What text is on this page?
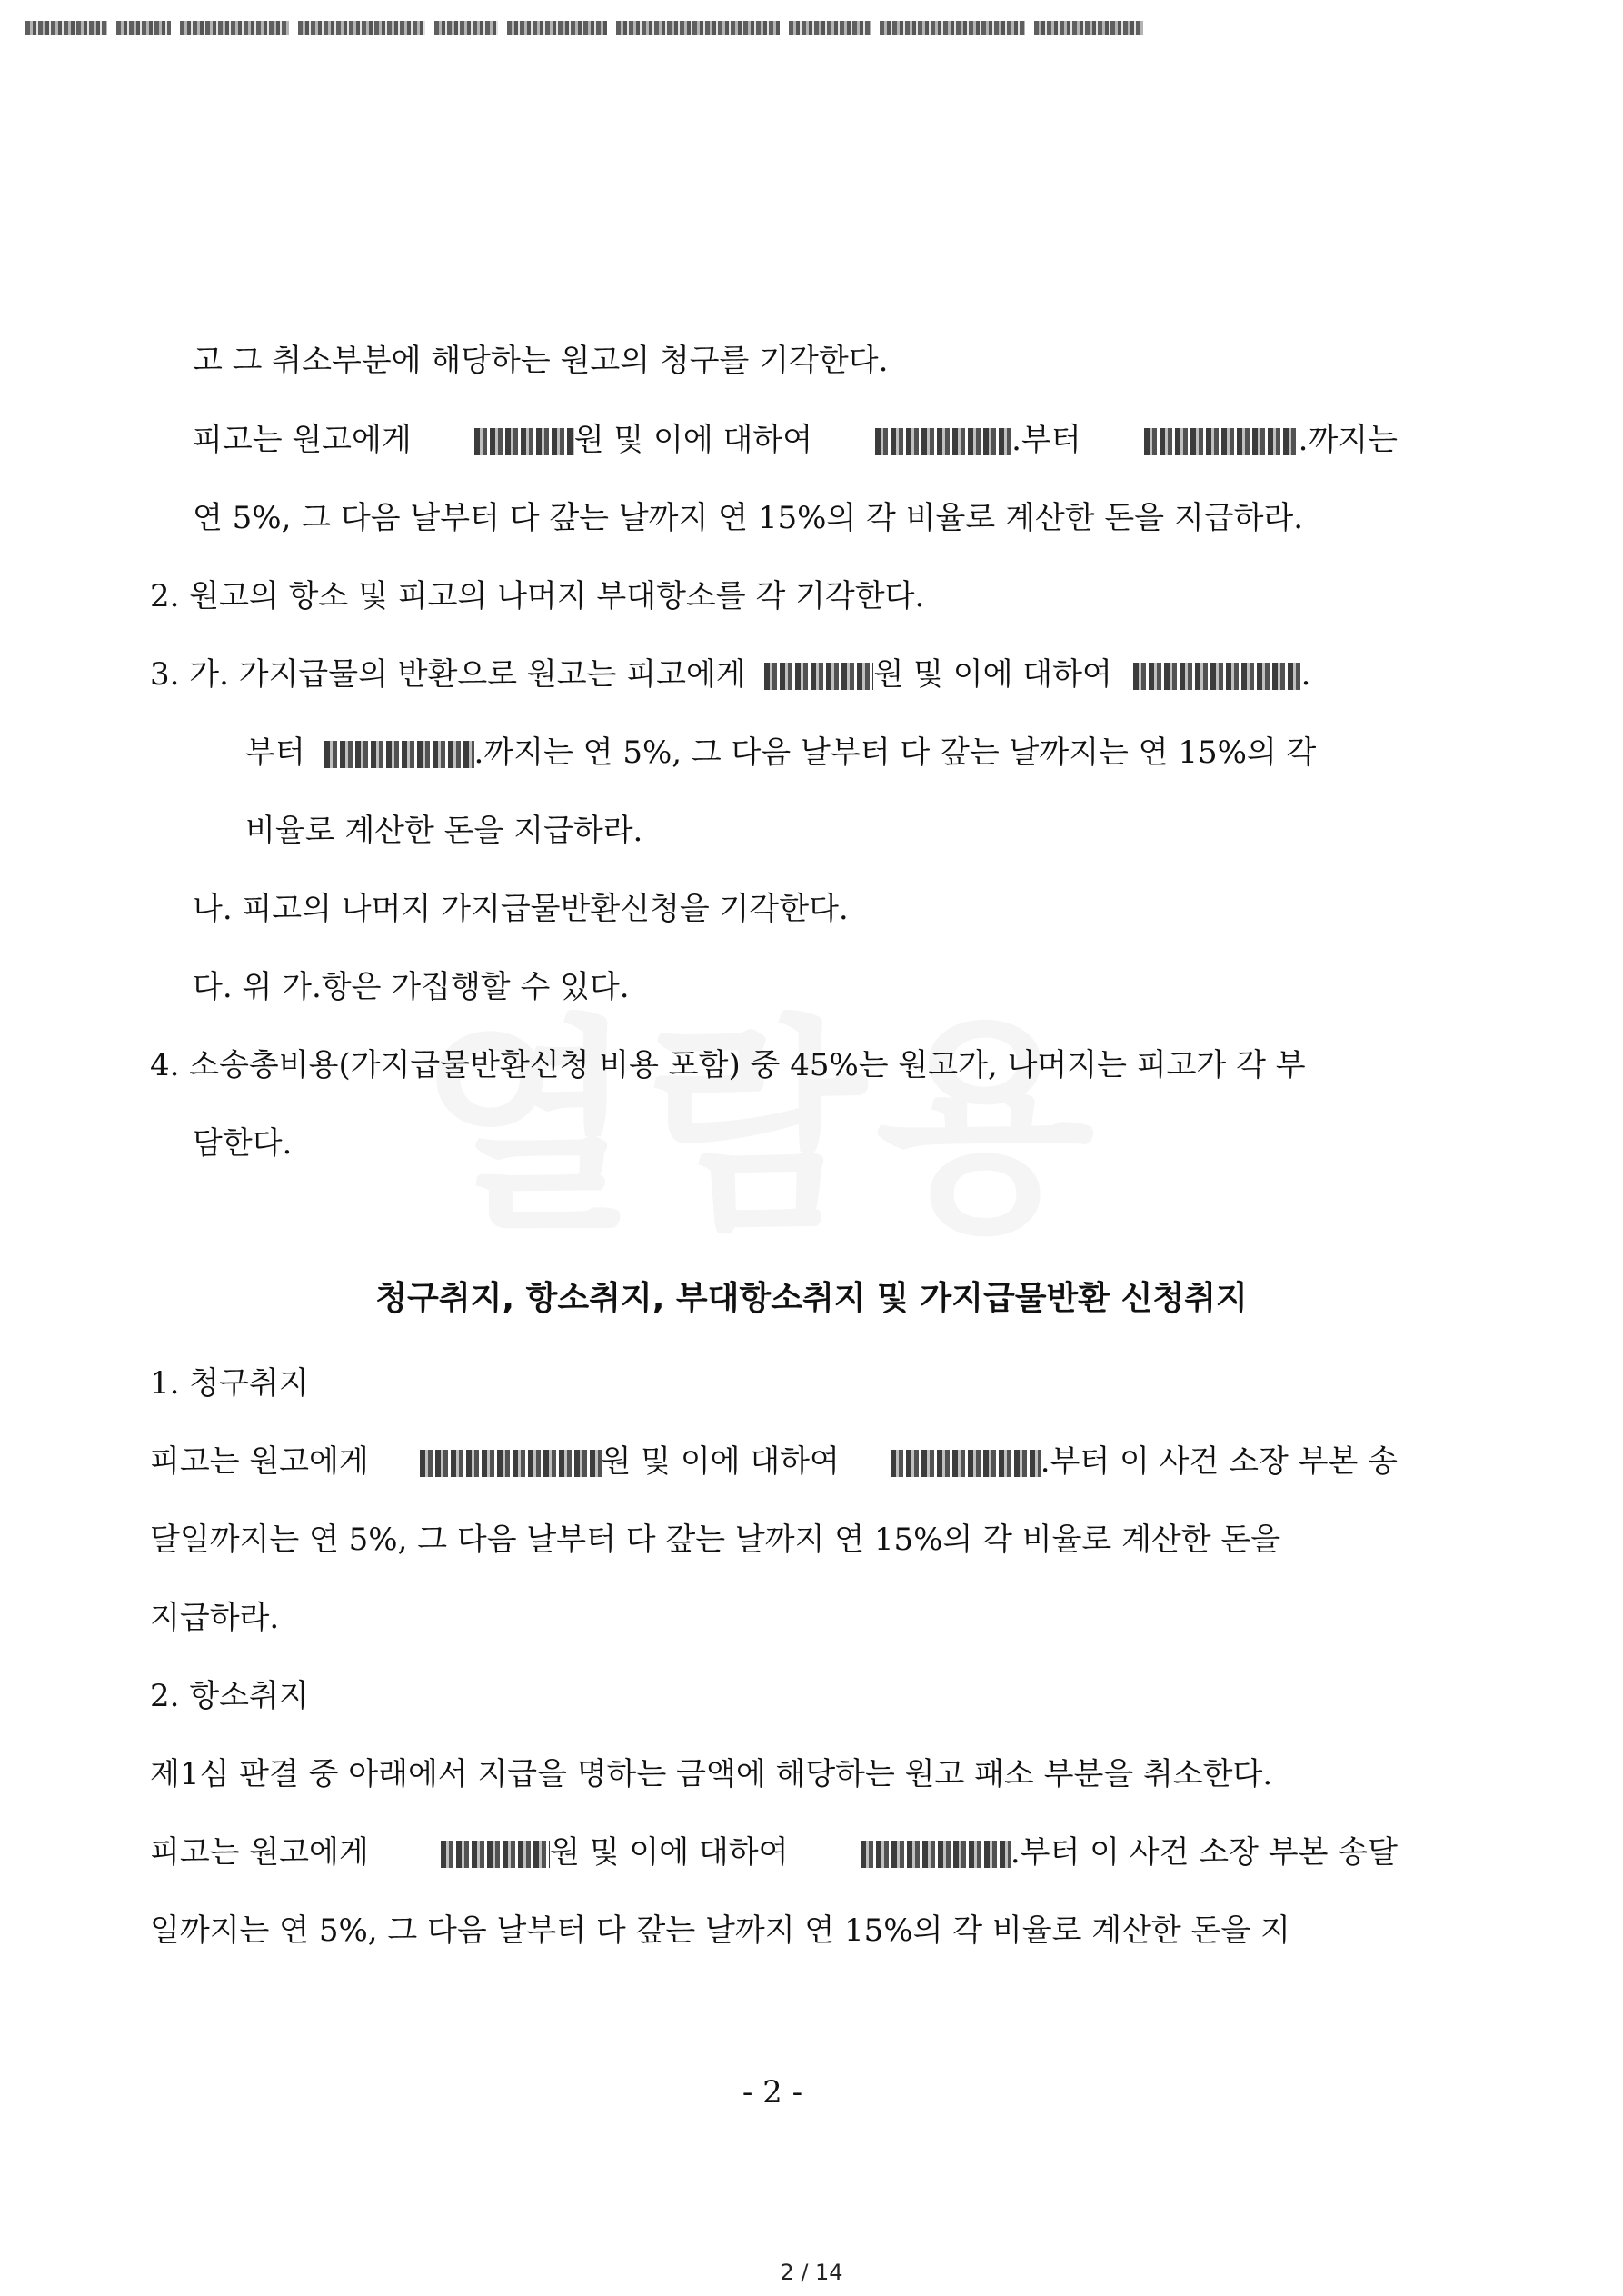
고 그 취소부분에 해당하는 원고의 청구를 기각한다.
피고는 원고에게	원 및 이에 대하여	.부터	.까지는
연 5%, 그 다음 날부터 다 갚는 날까지 연 15%의 각 비율로 계산한 돈을 지급하라.
2. 원고의 항소 및 피고의 나머지 부대항소를 각 기각한다.
3. 가. 가지급물의 반환으로 원고는 피고에게	원 및 이에 대하여	.
부터	.까지는 연 5%, 그 다음 날부터 다 갚는 날까지는 연 15%의 각
비율로 계산한 돈을 지급하라.
나. 피고의 나머지 가지급물반환신청을 기각한다.
다. 위 가.항은 가집행할 수 있다.
4. 소송총비용(가지급물반환신청 비용 포함) 중 45%는 원고가, 나머지는 피고가 각 부
담한다.
청구취지, 항소취지, 부대항소취지 및 가지급물반환 신청취지
1. 청구취지
피고는 원고에게	원 및 이에 대하여	.부터 이 사건 소장 부본 송
달일까지는 연 5%, 그 다음 날부터 다 갚는 날까지 연 15%의 각 비율로 계산한 돈을
지급하라.
2. 항소취지
제1심 판결 중 아래에서 지급을 명하는 금액에 해당하는 원고 패소 부분을 취소한다.
피고는 원고에게	원 및 이에 대하여	.부터 이 사건 소장 부본 송달
일까지는 연 5%, 그 다음 날부터 다 갚는 날까지 연 15%의 각 비율로 계산한 돈을 지
- 2 -
2 / 14
